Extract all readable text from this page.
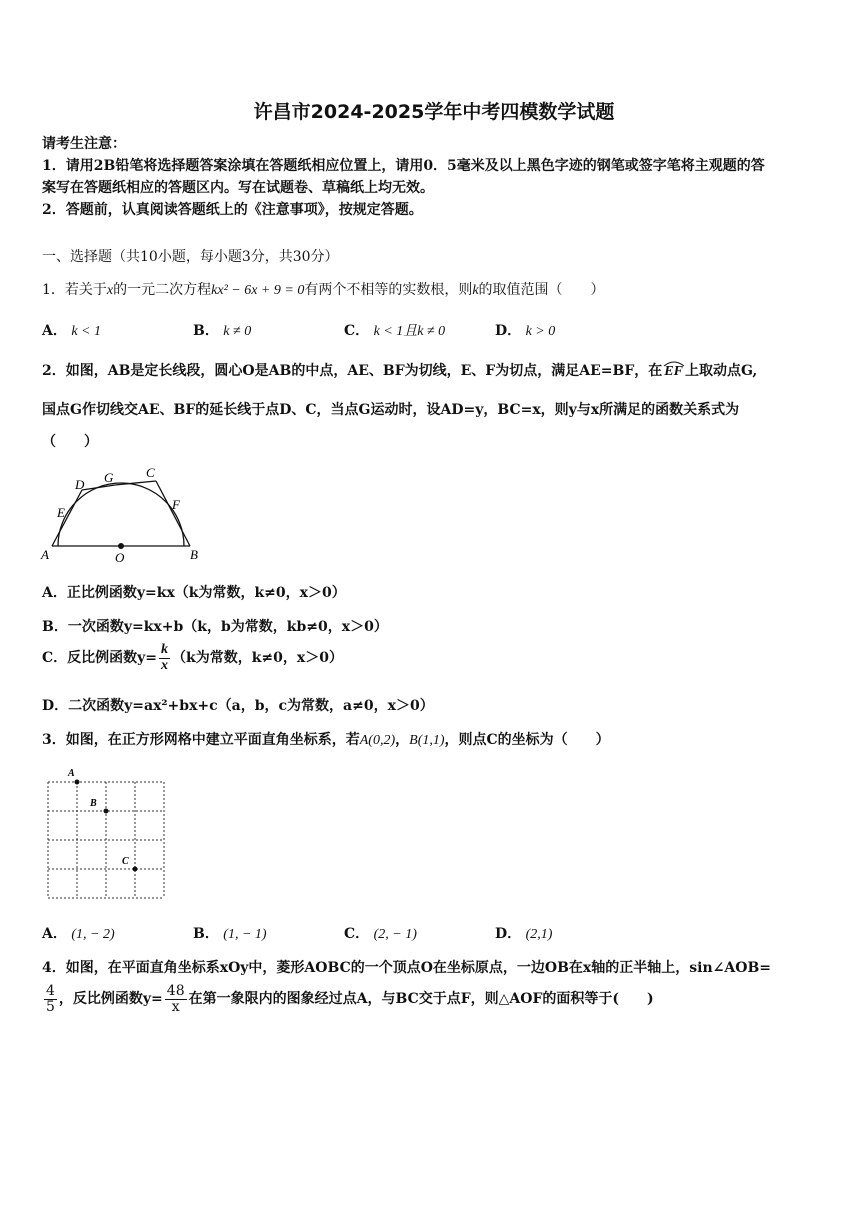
许昌市2024-2025学年中考四模数学试题
请考生注意：
1．请用2B铅笔将选择题答案涂填在答题纸相应位置上，请用0．5毫米及以上黑色字迹的钢笔或签字笔将主观题的答
案写在答题纸相应的答题区内。写在试题卷、草稿纸上均无效。
2．答题前，认真阅读答题纸上的《注意事项》，按规定答题。
一、选择题（共10小题，每小题3分，共30分）
1．若关于x的一元二次方程kx² − 6x + 9 = 0有两个不相等的实数根，则k的取值范围（　　）
A． k < 1	B． k ≠ 0	C． k < 1且k ≠ 0	D． k > 0
2．如图，AB是定长线段，圆心O是AB的中点，AE、BF为切线，E、F为切点，满足AE=BF，在 EF 上取动点G,
国点G作切线交AE、BF的延长线于点D、C，当点G运动时，设AD=y，BC=x，则y与x所满足的函数关系式为
（　　）
A	B
C
D
E
F
G
O
A．正比例函数y=kx（k为常数，k≠0，x＞0）
B．一次函数y=kx+b（k，b为常数，kb≠0，x＞0）
C．反比例函数$y= \frac{k}{x} (k$为常数，k≠0，x＞0）
D．二次函数y=ax²+bx+c（a，b，c为常数，a≠0，x＞0）
3．如图，在正方形网格中建立平面直角坐标系，若A(0,2)，B(1,1)，则点C的坐标为（　　）
A
B
C
A． (1, − 2)	B． (1, − 1)	C． (2, − 1)	D． (2,1)
4．如图，在平面直角坐标系xOy中，菱形AOBC的一个顶点O在坐标原点，一边OB在x轴的正半轴上，sin∠AOB=
$\frac{4}{5}$ ，反比例函数$y= \frac{48}{x}$ 在第一象限内的图象经过点A，与BC交于点F，则△AOF的面积等于(　　)
